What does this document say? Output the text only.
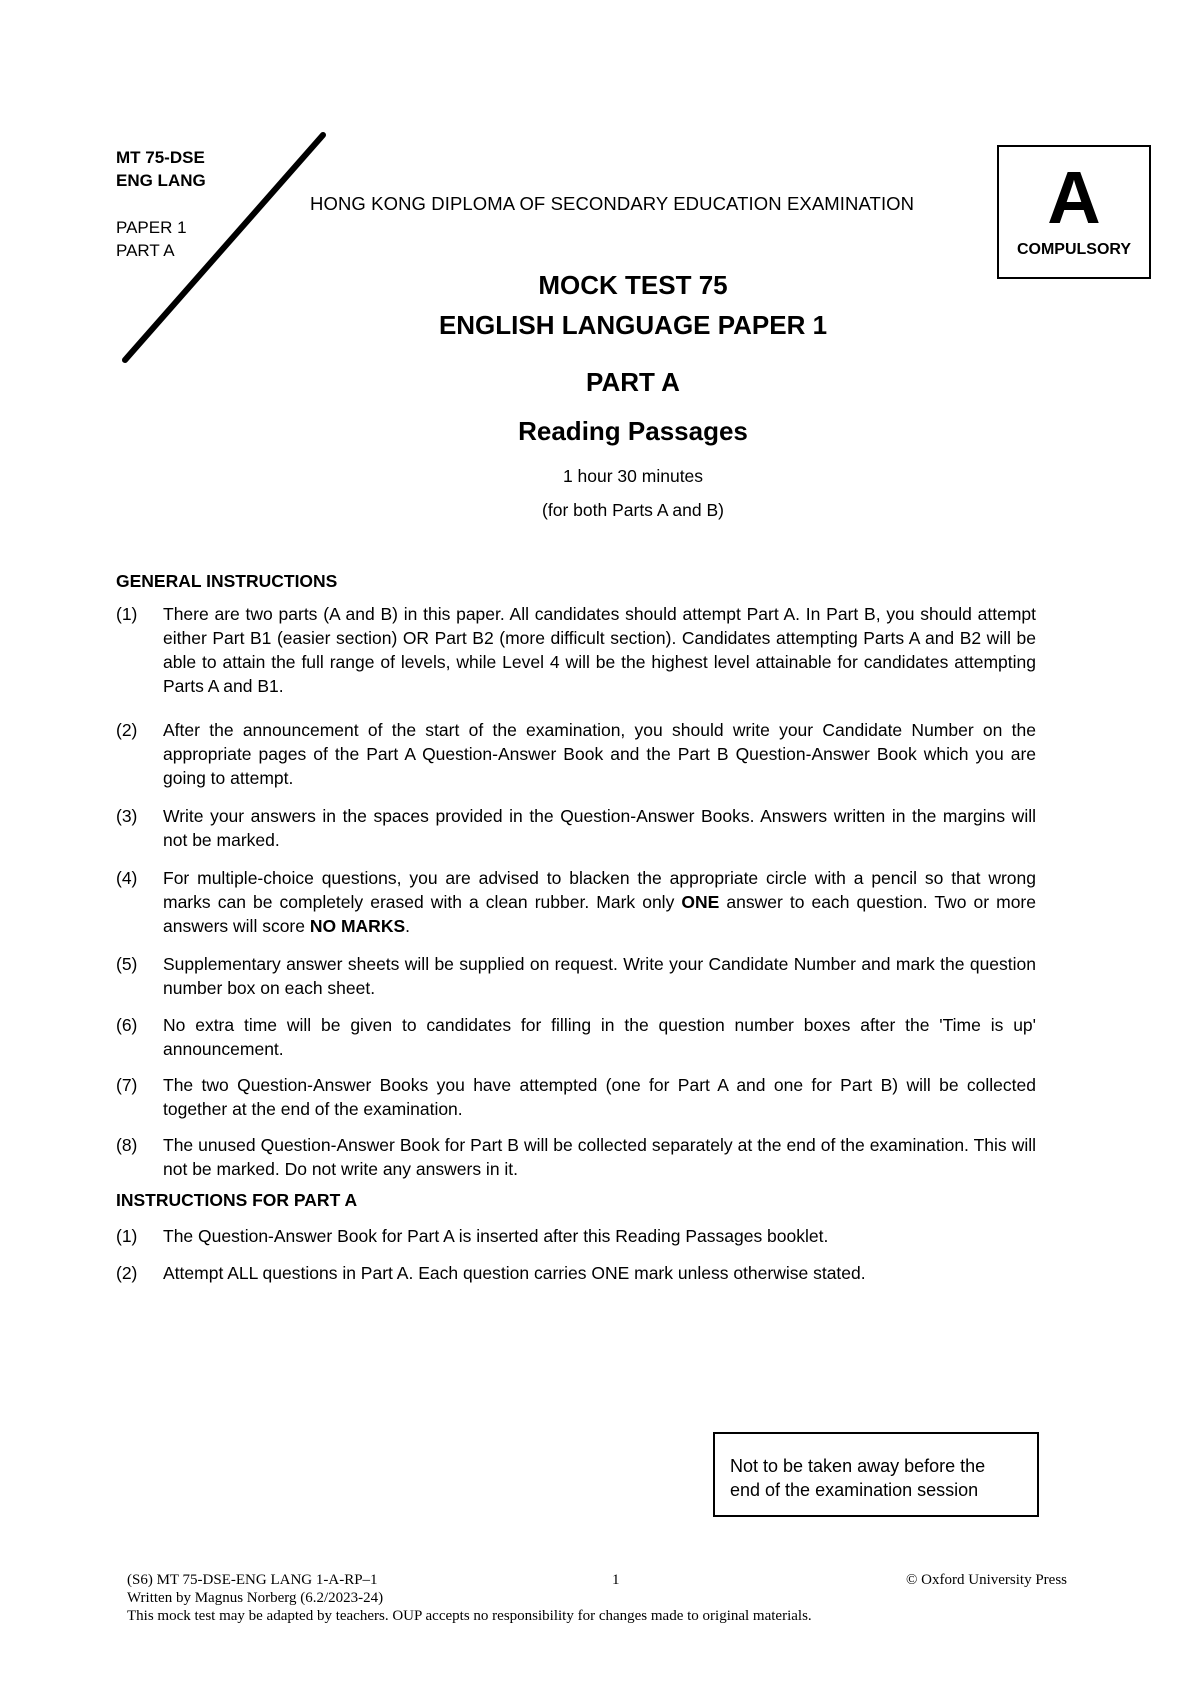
MT 75-DSE
ENG LANG
PAPER 1
PART A
HONG KONG DIPLOMA OF SECONDARY EDUCATION EXAMINATION	A
COMPULSORY
MOCK TEST 75
ENGLISH LANGUAGE PAPER 1
PART A
Reading Passages
1 hour 30 minutes
(for both Parts A and B)
GENERAL INSTRUCTIONS
(1)	There are two parts (A and B) in this paper. All candidates should attempt Part A. In Part B, you should attempt either Part B1 (easier section) OR Part B2 (more difficult section). Candidates attempting Parts A and B2 will be able to attain the full range of levels, while Level 4 will be the highest level attainable for candidates attempting Parts A and B1.
(2)	After the announcement of the start of the examination, you should write your Candidate Number on the appropriate pages of the Part A Question-Answer Book and the Part B Question-Answer Book which you are going to attempt.
(3)	Write your answers in the spaces provided in the Question-Answer Books. Answers written in the margins will not be marked.
(4)	For multiple-choice questions, you are advised to blacken the appropriate circle with a pencil so that wrong marks can be completely erased with a clean rubber. Mark only ONE answer to each question. Two or more answers will score NO MARKS.
(5)	Supplementary answer sheets will be supplied on request. Write your Candidate Number and mark the question number box on each sheet.
(6)	No extra time will be given to candidates for filling in the question number boxes after the 'Time is up' announcement.
(7)	The two Question-Answer Books you have attempted (one for Part A and one for Part B) will be collected together at the end of the examination.
(8)	The unused Question-Answer Book for Part B will be collected separately at the end of the examination. This will not be marked. Do not write any answers in it.
INSTRUCTIONS FOR PART A
(1)	The Question-Answer Book for Part A is inserted after this Reading Passages booklet.
(2)	Attempt ALL questions in Part A. Each question carries ONE mark unless otherwise stated.
Not to be taken away before the
end of the examination session
(S6) MT 75-DSE-ENG LANG 1-A-RP–1	1	© Oxford University Press
Written by Magnus Norberg (6.2/2023-24)
This mock test may be adapted by teachers. OUP accepts no responsibility for changes made to original materials.
